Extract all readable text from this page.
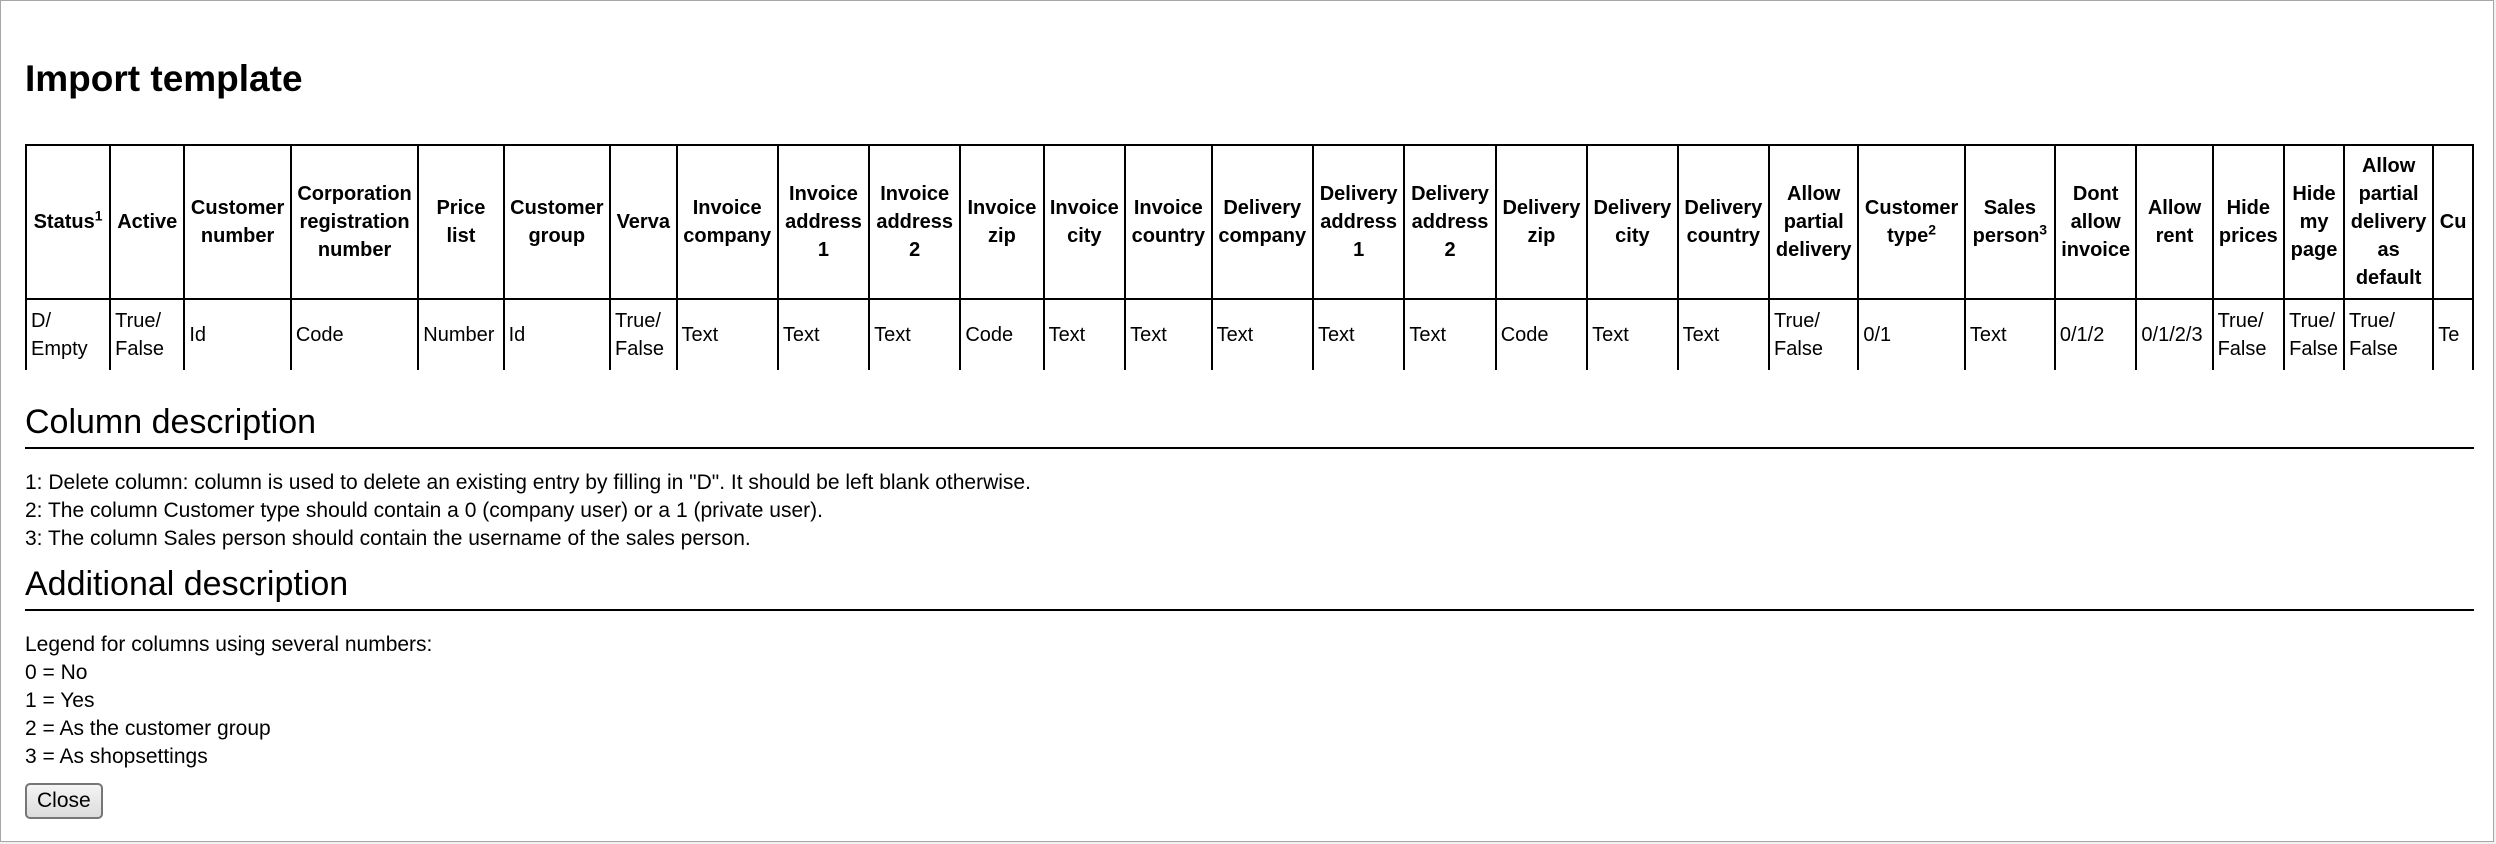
Import template
Status$^1$	Active	Customer number	Corporation registration number	Price list	Customer group	Verva	Invoice company	Invoice address 1	Invoice address 2	Invoice zip	Invoice city	Invoice country	Delivery company	Delivery address 1	Delivery address 2	Delivery zip	Delivery city	Delivery country	Allow partial delivery	Customer type$^2$	Sales person$^3$	Dont allow invoice	Allow rent	Hide prices	Hide my page	Allow partial delivery as default	Cu
D/ Empty	True/ False	Id	Code	Number	Id	True/ False	Text	Text	Text	Code	Text	Text	Text	Text	Text	Code	Text	Text	True/ False	0/1	Text	0/1/2	0/1/2/3	True/ False	True/ False	True/ False	Te
Column description
1: Delete column: column is used to delete an existing entry by filling in "D". It should be left blank otherwise.
2: The column Customer type should contain a 0 (company user) or a 1 (private user).
3: The column Sales person should contain the username of the sales person.
Additional description
Legend for columns using several numbers:
0 = No
1 = Yes
2 = As the customer group
3 = As shopsettings
Close
